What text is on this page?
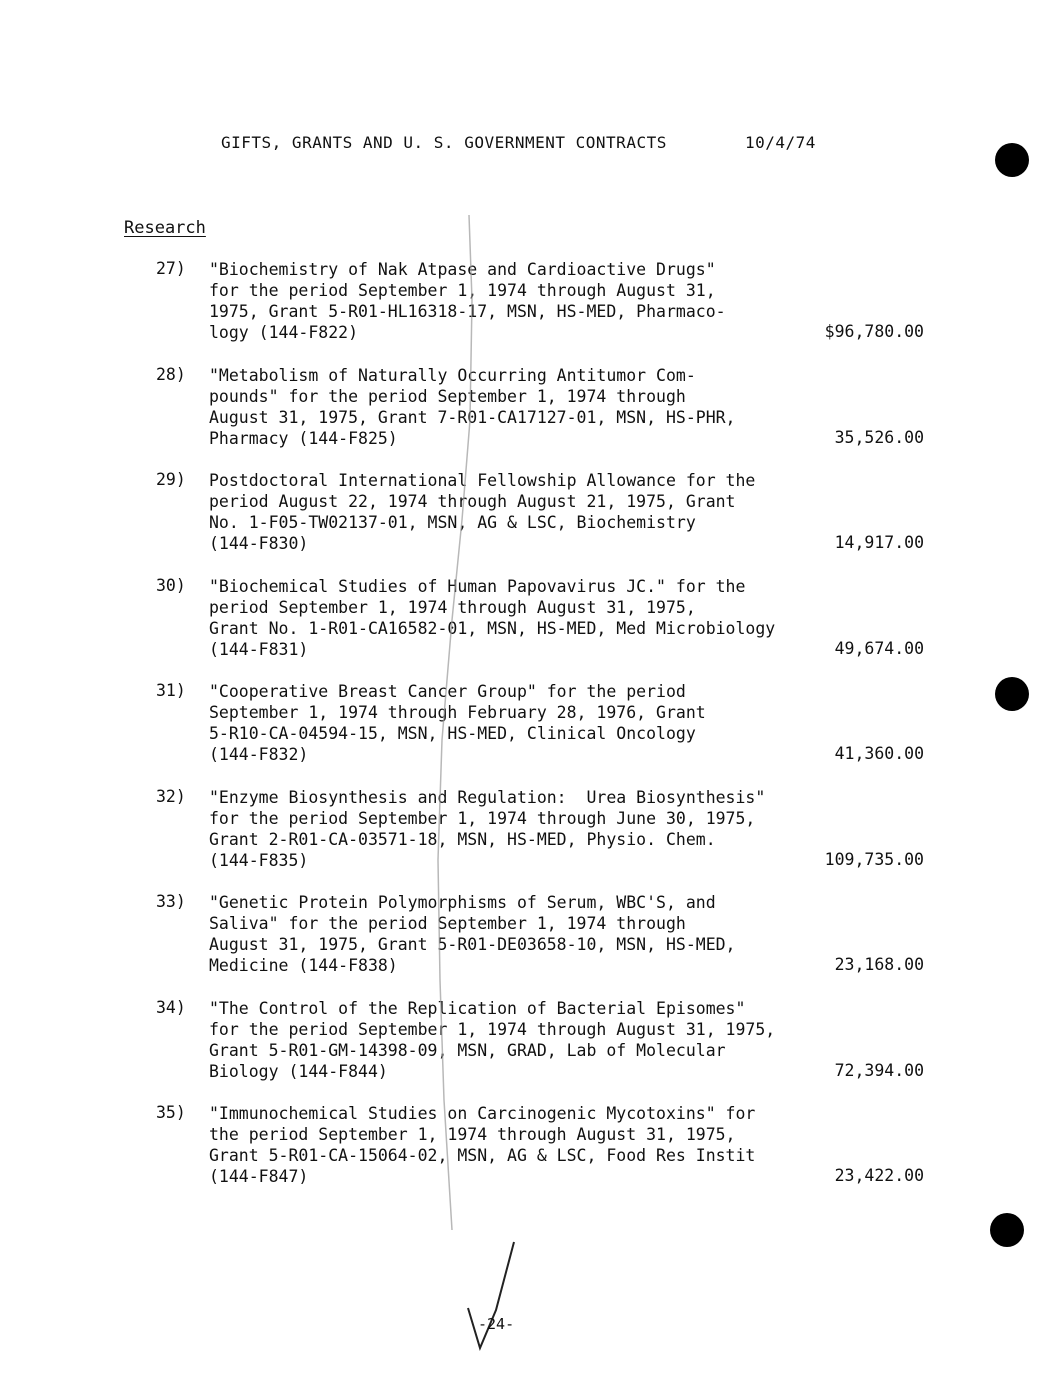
GIFTS, GRANTS AND U. S. GOVERNMENT CONTRACTS	10/4/74
Research
27) "Biochemistry of Nak Atpase and Cardioactive Drugs"
for the period September 1, 1974 through August 31,
1975, Grant 5-R01-HL16318-17, MSN, HS-MED, Pharmaco-
logy (144-F822)	$96,780.00
28) "Metabolism of Naturally Occurring Antitumor Com-
pounds" for the period September 1, 1974 through
August 31, 1975, Grant 7-R01-CA17127-01, MSN, HS-PHR,
Pharmacy (144-F825)	35,526.00
29) Postdoctoral International Fellowship Allowance for the
period August 22, 1974 through August 21, 1975, Grant
No. 1-F05-TW02137-01, MSN, AG & LSC, Biochemistry
(144-F830)	14,917.00
30) "Biochemical Studies of Human Papovavirus JC." for the
period September 1, 1974 through August 31, 1975,
Grant No. 1-R01-CA16582-01, MSN, HS-MED, Med Microbiology
(144-F831)	49,674.00
31) "Cooperative Breast Cancer Group" for the period
September 1, 1974 through February 28, 1976, Grant
5-R10-CA-04594-15, MSN, HS-MED, Clinical Oncology
(144-F832)	41,360.00
32) "Enzyme Biosynthesis and Regulation:  Urea Biosynthesis"
for the period September 1, 1974 through June 30, 1975,
Grant 2-R01-CA-03571-18, MSN, HS-MED, Physio. Chem.
(144-F835)	109,735.00
33) "Genetic Protein Polymorphisms of Serum, WBC'S, and
Saliva" for the period September 1, 1974 through
August 31, 1975, Grant 5-R01-DE03658-10, MSN, HS-MED,
Medicine (144-F838)	23,168.00
34) "The Control of the Replication of Bacterial Episomes"
for the period September 1, 1974 through August 31, 1975,
Grant 5-R01-GM-14398-09, MSN, GRAD, Lab of Molecular
Biology (144-F844)	72,394.00
35) "Immunochemical Studies on Carcinogenic Mycotoxins" for
the period September 1, 1974 through August 31, 1975,
Grant 5-R01-CA-15064-02, MSN, AG & LSC, Food Res Instit
(144-F847)	23,422.00
-24-
